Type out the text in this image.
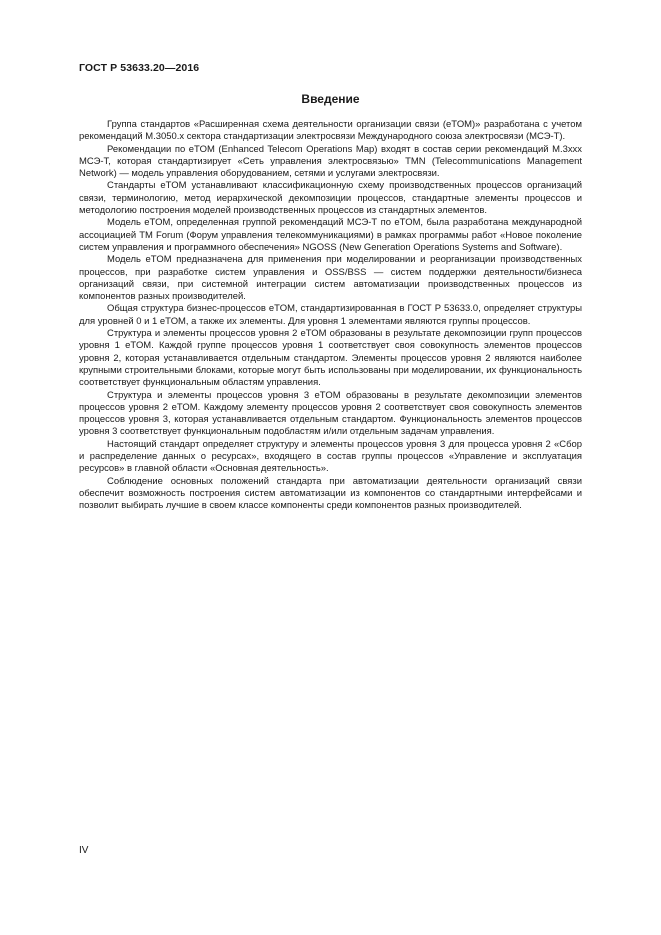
ГОСТ Р 53633.20—2016
Введение

Группа стандартов «Расширенная схема деятельности организации связи (eTOM)» разработана с учетом рекомендаций М.3050.х сектора стандартизации электросвязи Международного союза электросвязи (МСЭ-Т).

Рекомендации по eTOM (Enhanced Telecom Operations Map) входят в состав серии рекомендаций М.3ххх МСЭ-Т, которая стандартизирует «Сеть управления электросвязью» TMN (Telecommunications Management Network) — модель управления оборудованием, сетями и услугами электросвязи.

Стандарты eTOM устанавливают классификационную схему производственных процессов организаций связи, терминологию, метод иерархической декомпозиции процессов, стандартные элементы процессов и методологию построения моделей производственных процессов из стандартных элементов.

Модель eTOM, определенная группой рекомендаций МСЭ-Т по eTOM, была разработана международной ассоциацией TM Forum (Форум управления телекоммуникациями) в рамках программы работ «Новое поколение систем управления и программного обеспечения» NGOSS (New Generation Operations Systems and Software).

Модель eTOM предназначена для применения при моделировании и реорганизации производственных процессов, при разработке систем управления и OSS/BSS — систем поддержки деятельности/бизнеса организаций связи, при системной интеграции систем автоматизации производственных процессов из компонентов разных производителей.

Общая структура бизнес-процессов eTOM, стандартизированная в ГОСТ Р 53633.0, определяет структуры для уровней 0 и 1 eTOM, а также их элементы. Для уровня 1 элементами являются группы процессов.

Структура и элементы процессов уровня 2 eTOM образованы в результате декомпозиции групп процессов уровня 1 eTOM. Каждой группе процессов уровня 1 соответствует своя совокупность элементов процессов уровня 2, которая устанавливается отдельным стандартом. Элементы процессов уровня 2 являются наиболее крупными строительными блоками, которые могут быть использованы при моделировании, их функциональность соответствует функциональным областям управления.

Структура и элементы процессов уровня 3 eTOM образованы в результате декомпозиции элементов процессов уровня 2 eTOM. Каждому элементу процессов уровня 2 соответствует своя совокупность элементов процессов уровня 3, которая устанавливается отдельным стандартом. Функциональность элементов процессов уровня 3 соответствует функциональным подобластям и/или отдельным задачам управления.

Настоящий стандарт определяет структуру и элементы процессов уровня 3 для процесса уровня 2 «Сбор и распределение данных о ресурсах», входящего в состав группы процессов «Управление и эксплуатация ресурсов» в главной области «Основная деятельность».

Соблюдение основных положений стандарта при автоматизации деятельности организаций связи обеспечит возможность построения систем автоматизации из компонентов со стандартными интерфейсами и позволит выбирать лучшие в своем классе компоненты среди компонентов разных производителей.

IV
